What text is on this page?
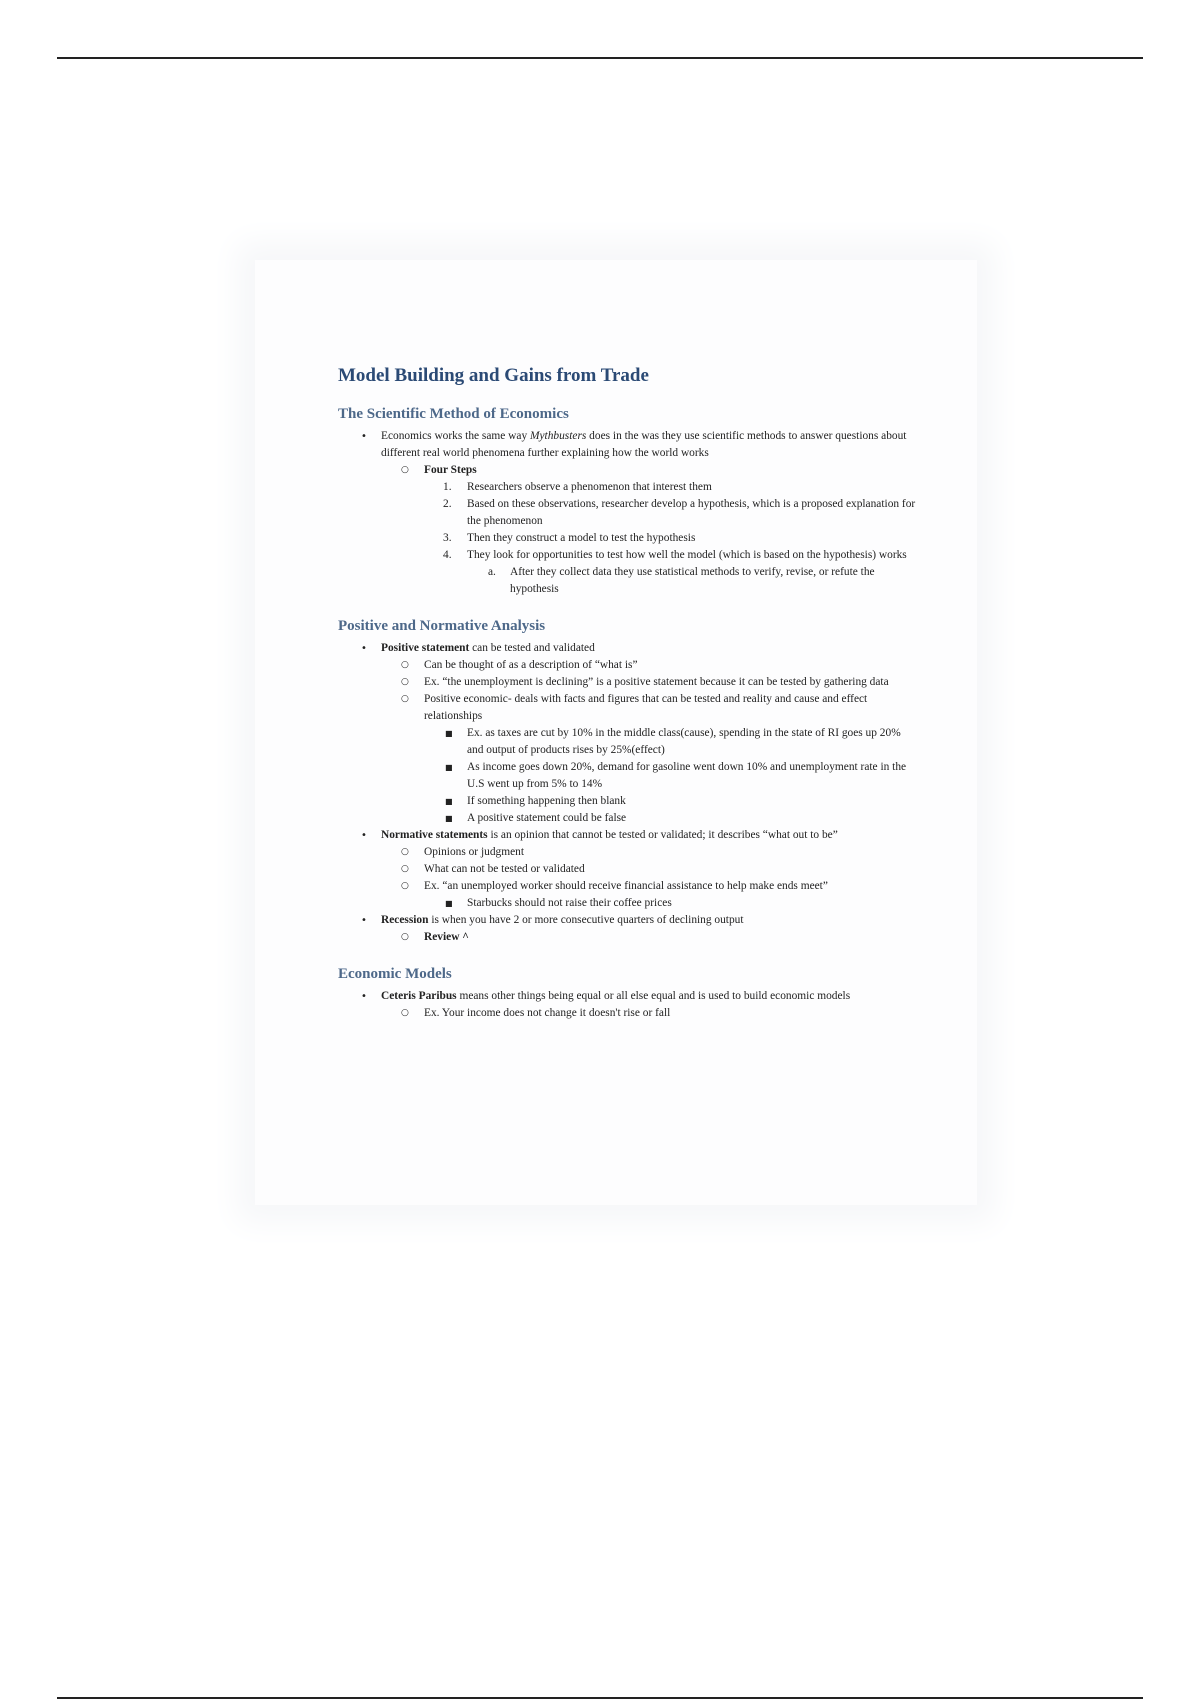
Model Building and Gains from Trade
The Scientific Method of Economics
• Economics works the same way Mythbusters does in the was they use scientific methods to answer questions about different real world phenomena further explaining how the world works
○ Four Steps
1. Researchers observe a phenomenon that interest them
2. Based on these observations, researcher develop a hypothesis, which is a proposed explanation for the phenomenon
3. Then they construct a model to test the hypothesis
4. They look for opportunities to test how well the model (which is based on the hypothesis) works
a. After they collect data they use statistical methods to verify, revise, or refute the hypothesis
Positive and Normative Analysis
• Positive statement can be tested and validated
○ Can be thought of as a description of “what is”
○ Ex. “the unemployment is declining” is a positive statement because it can be tested by gathering data
○ Positive economic- deals with facts and figures that can be tested and reality and cause and effect relationships
■ Ex. as taxes are cut by 10% in the middle class(cause), spending in the state of RI goes up 20% and output of products rises by 25%(effect)
■ As income goes down 20%, demand for gasoline went down 10% and unemployment rate in the U.S went up from 5% to 14%
■ If something happening then blank
■ A positive statement could be false
• Normative statements is an opinion that cannot be tested or validated; it describes “what out to be”
○ Opinions or judgment
○ What can not be tested or validated
○ Ex. “an unemployed worker should receive financial assistance to help make ends meet”
■ Starbucks should not raise their coffee prices
• Recession is when you have 2 or more consecutive quarters of declining output
○ Review ^
Economic Models
• Ceteris Paribus means other things being equal or all else equal and is used to build economic models
○ Ex. Your income does not change it doesn't rise or fall
